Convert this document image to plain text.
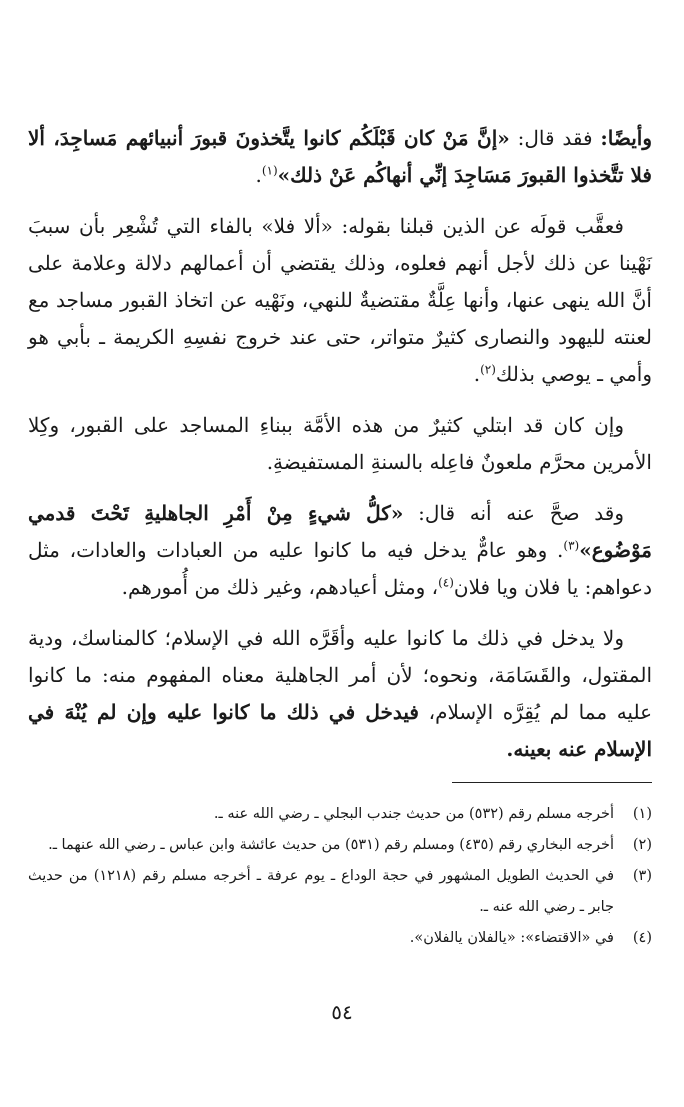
وأيضًا: فقد قال: «إنَّ مَنْ كان قَبْلَكُم كانوا يتَّخذونَ قبورَ أنبيائهم مَساجِدَ، ألا فلا تتَّخذوا القبورَ مَسَاجِدَ إنِّي أنهاكُم عَنْ ذلك»$^{(١)}$.

فعقَّب قولَه عن الذين قبلنا بقوله: «ألا فلا» بالفاء التي تُشْعِر بأن سببَ نَهْينا عن ذلك لأجل أنهم فعلوه، وذلك يقتضي أن أعمالهم دلالة وعلامة على أنَّ الله ينهى عنها، وأنها عِلَّةٌ مقتضيةٌ للنهي، ونَهْيه عن اتخاذ القبور مساجد مع لعنته لليهود والنصارى كثيرٌ متواتر، حتى عند خروج نفسِهِ الكريمة ـ بأبي هو وأمي ـ يوصي بذلك$^{(٢)}$.

وإن كان قد ابتلي كثيرٌ من هذه الأمَّة ببناءِ المساجد على القبور، وكِلا الأمرين محرَّم ملعونٌ فاعِله بالسنةِ المستفيضةِ.

وقد صحَّ عنه أنه قال: «كلُّ شيءٍ مِنْ أَمْرِ الجاهليةِ تَحْتَ قدمي مَوْضُوع»$^{(٣)}$. وهو عامٌّ يدخل فيه ما كانوا عليه من العبادات والعادات، مثل دعواهم: يا فلان ويا فلان$^{(٤)}$، ومثل أعيادهم، وغير ذلك من أُمورهم.

ولا يدخل في ذلك ما كانوا عليه وأقَرَّه الله في الإسلام؛ كالمناسك، ودية المقتول، والقَسَامَة، ونحوه؛ لأن أمر الجاهلية معناه المفهوم منه: ما كانوا عليه مما لم يُقِرَّه الإسلام، فيدخل في ذلك ما كانوا عليه وإن لم يُنْهَ في الإسلام عنه بعينه.

(١)
أخرجه مسلم رقم (٥٣٢) من حديث جندب البجلي ـ رضي الله عنه ـ.
(٢)
أخرجه البخاري رقم (٤٣٥) ومسلم رقم (٥٣١) من حديث عائشة وابن عباس ـ رضي الله عنهما ـ.
(٣)
في الحديث الطويل المشهور في حجة الوداع ـ يوم عرفة ـ أخرجه مسلم رقم (١٢١٨) من حديث جابر ـ رضي الله عنه ـ.
(٤)
في «الاقتضاء»: «يالفلان يالفلان».
٥٤
